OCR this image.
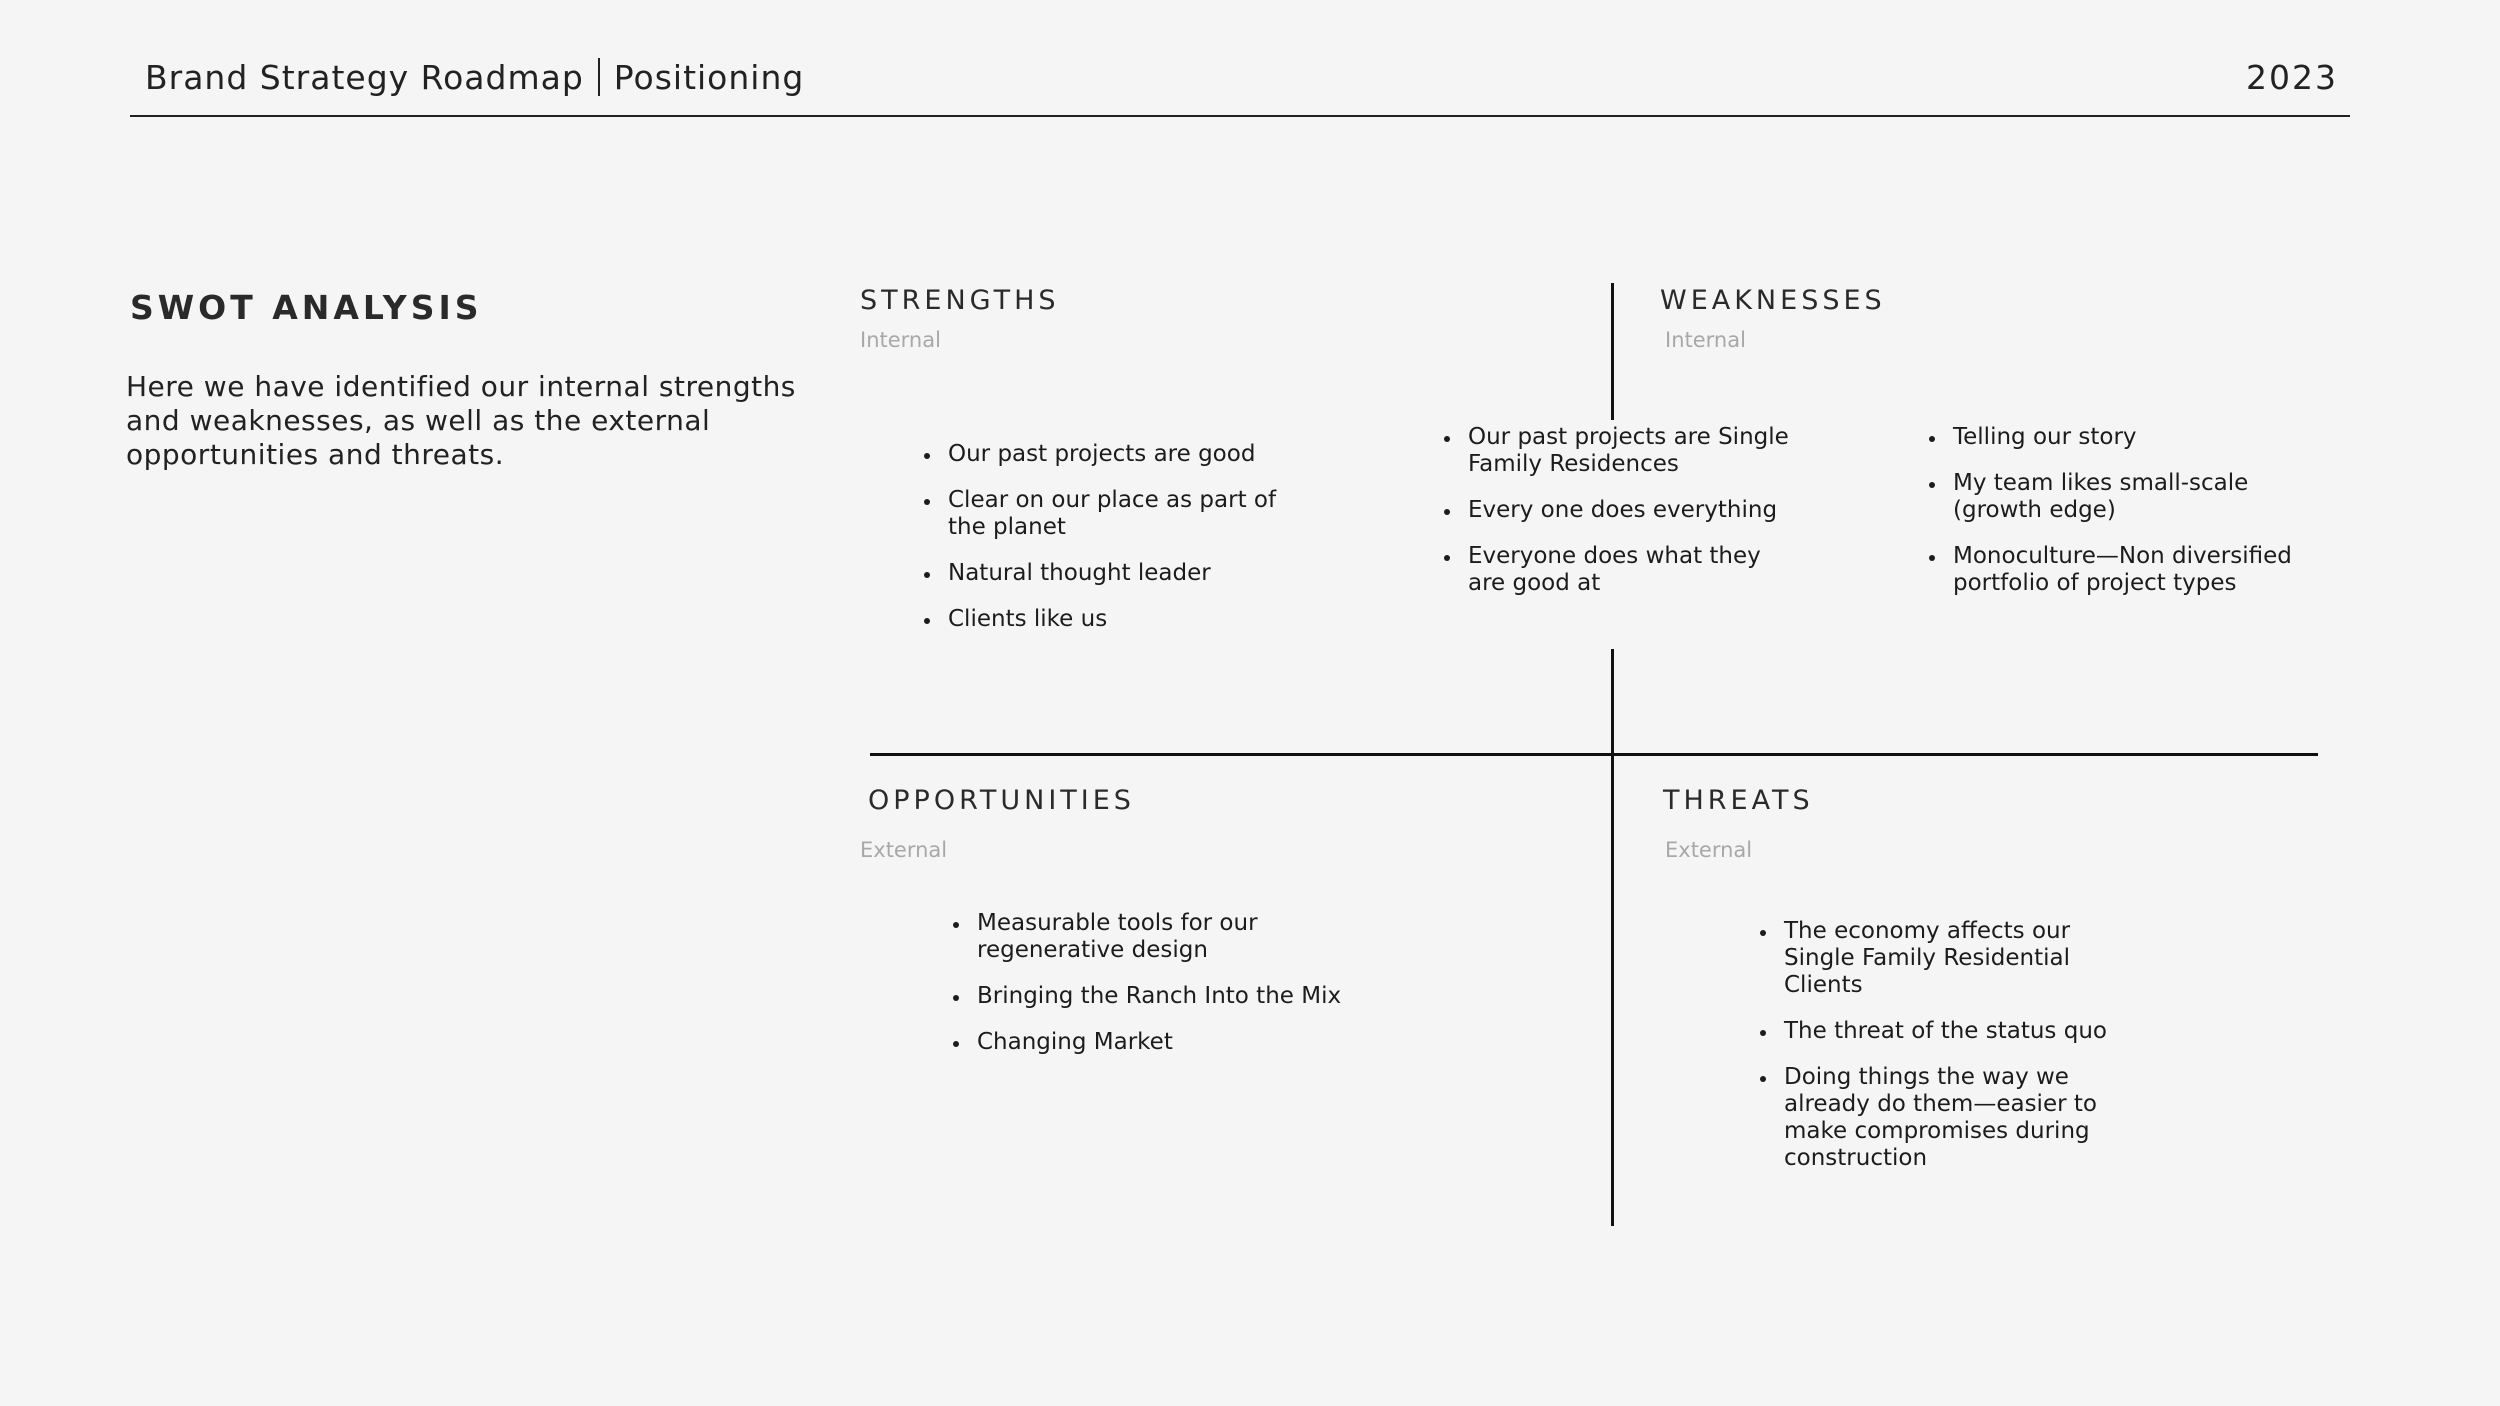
Brand Strategy Roadmap Positioning	2023
SWOT ANALYSIS
Here we have identified our internal strengths and weaknesses, as well as the external opportunities and threats.
STRENGTHS
Internal
Our past projects are good
Clear on our place as part of the planet
Natural thought leader
Clients like us
WEAKNESSES
Internal
Our past projects are Single Family Residences
Every one does everything
Everyone does what they are good at
Telling our story
My team likes small-scale (growth edge)
Monoculture—Non diversified portfolio of project types
OPPORTUNITIES
External
Measurable tools for our regenerative design
Bringing the Ranch Into the Mix
Changing Market
THREATS
External
The economy affects our Single Family Residential Clients
The threat of the status quo
Doing things the way we already do them—easier to make compromises during construction
